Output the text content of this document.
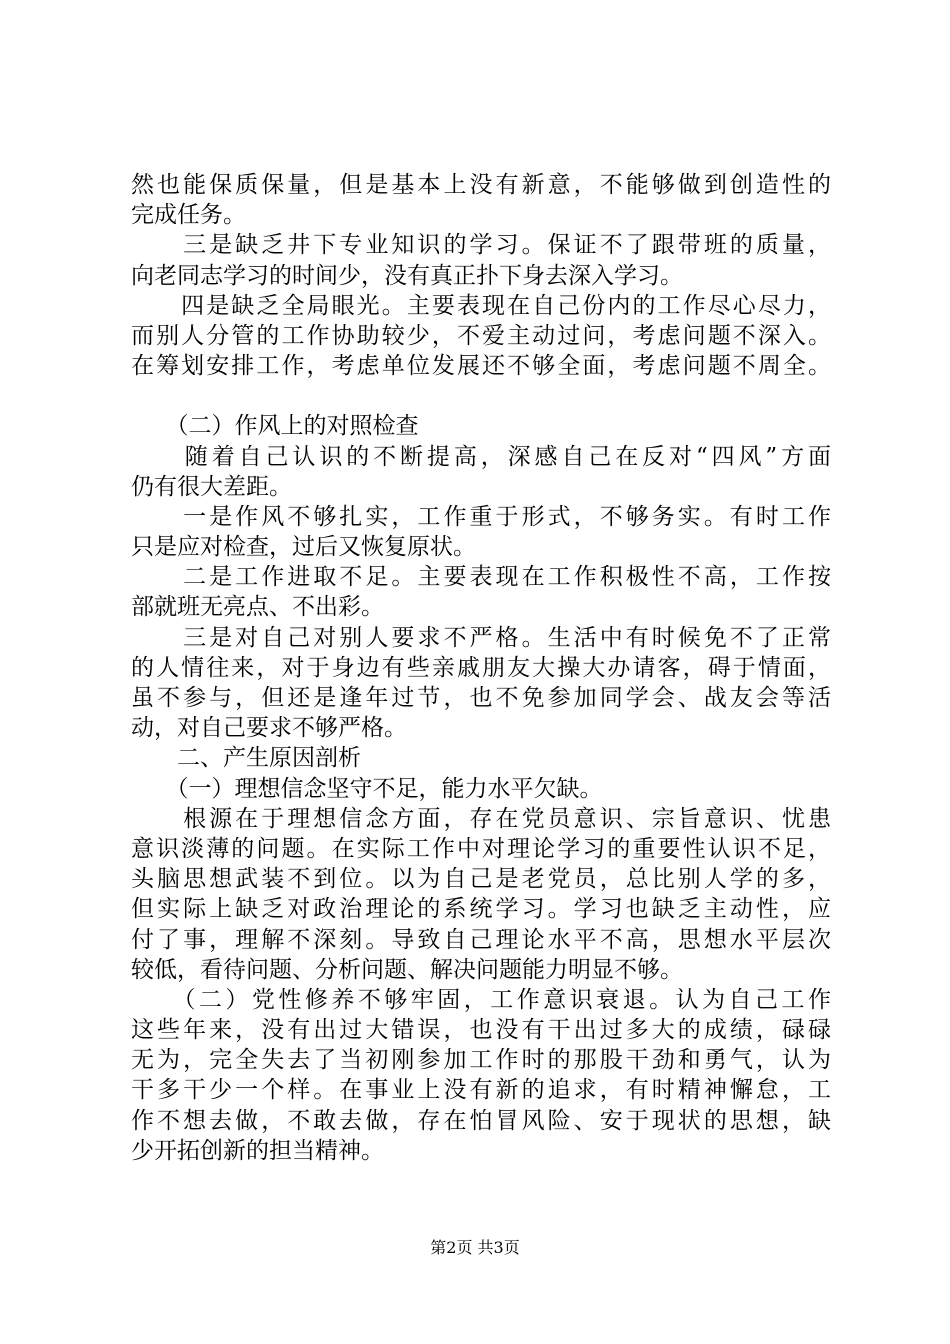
然也能保质保量，但是基本上没有新意，不能够做到创造性的
完成任务。
　　三是缺乏井下专业知识的学习。保证不了跟带班的质量，
向老同志学习的时间少，没有真正扑下身去深入学习。
　　四是缺乏全局眼光。主要表现在自己份内的工作尽心尽力，
而别人分管的工作协助较少，不爱主动过问，考虑问题不深入。
在筹划安排工作，考虑单位发展还不够全面，考虑问题不周全。
　　（二）作风上的对照检查
　　随着自己认识的不断提高，深感自己在反对“四风”方面
仍有很大差距。
　　一是作风不够扎实，工作重于形式，不够务实。有时工作
只是应对检查，过后又恢复原状。
　　二是工作进取不足。主要表现在工作积极性不高，工作按
部就班无亮点、不出彩。
　　三是对自己对别人要求不严格。生活中有时候免不了正常
的人情往来，对于身边有些亲戚朋友大操大办请客，碍于情面，
虽不参与，但还是逢年过节，也不免参加同学会、战友会等活
动，对自己要求不够严格。
　　二、产生原因剖析
　　（一）理想信念坚守不足，能力水平欠缺。
　　根源在于理想信念方面，存在党员意识、宗旨意识、忧患
意识淡薄的问题。在实际工作中对理论学习的重要性认识不足，
头脑思想武装不到位。以为自己是老党员，总比别人学的多，
但实际上缺乏对政治理论的系统学习。学习也缺乏主动性，应
付了事，理解不深刻。导致自己理论水平不高，思想水平层次
较低，看待问题、分析问题、解决问题能力明显不够。
　　（二）党性修养不够牢固，工作意识衰退。认为自己工作
这些年来，没有出过大错误，也没有干出过多大的成绩，碌碌
无为，完全失去了当初刚参加工作时的那股干劲和勇气，认为
干多干少一个样。在事业上没有新的追求，有时精神懈怠，工
作不想去做，不敢去做，存在怕冒风险、安于现状的思想，缺
少开拓创新的担当精神。
第2页 共3页
